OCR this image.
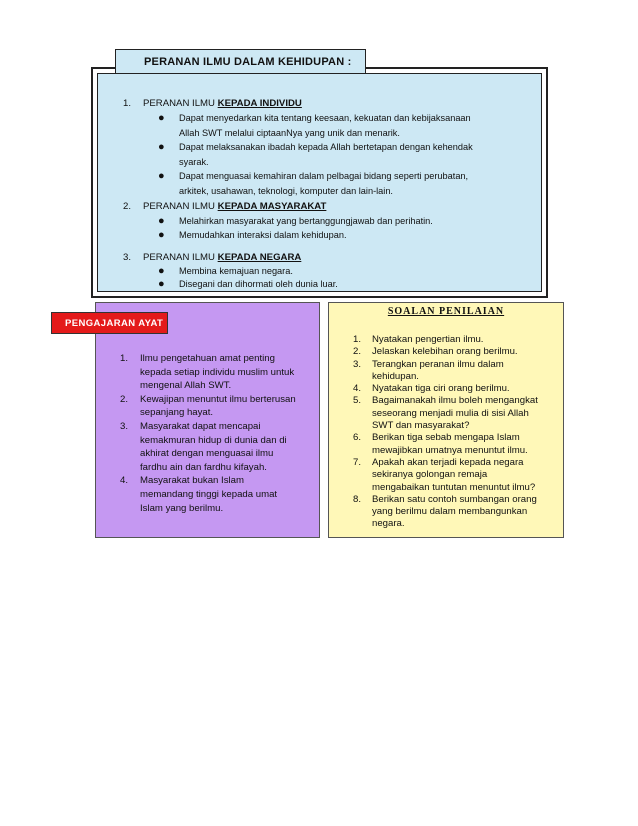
PERANAN ILMU DALAM KEHIDUPAN :
1. PERANAN ILMU KEPADA INDIVIDU
● Dapat menyedarkan kita tentang keesaan, kekuatan dan kebijaksanaan
Allah SWT melalui ciptaanNya yang unik dan menarik.
● Dapat melaksanakan ibadah kepada Allah bertetapan dengan kehendak
syarak.
● Dapat menguasai kemahiran dalam pelbagai bidang seperti perubatan,
arkitek, usahawan, teknologi, komputer dan lain-lain.
2. PERANAN ILMU KEPADA MASYARAKAT
● Melahirkan masyarakat yang bertanggungjawab dan perihatin.
● Memudahkan interaksi dalam kehidupan.
3. PERANAN ILMU KEPADA NEGARA
● Membina kemajuan negara.
● Disegani dan dihormati oleh dunia luar.
PENGAJARAN AYAT
1. Ilmu pengetahuan amat penting
kepada setiap individu muslim untuk
mengenal Allah SWT.
2. Kewajipan menuntut ilmu berterusan
sepanjang hayat.
3. Masyarakat dapat mencapai
kemakmuran hidup di dunia dan di
akhirat dengan menguasai ilmu
fardhu ain dan fardhu kifayah.
4. Masyarakat bukan Islam
memandang tinggi kepada umat
Islam yang berilmu.
SOALAN PENILAIAN
1. Nyatakan pengertian ilmu.
2. Jelaskan kelebihan orang berilmu.
3. Terangkan peranan ilmu dalam
kehidupan.
4. Nyatakan tiga ciri orang berilmu.
5. Bagaimanakah ilmu boleh mengangkat
seseorang menjadi mulia di sisi Allah
SWT dan masyarakat?
6. Berikan tiga sebab mengapa Islam
mewajibkan umatnya menuntut ilmu.
7. Apakah akan terjadi kepada negara
sekiranya golongan remaja
mengabaikan tuntutan menuntut ilmu?
8. Berikan satu contoh sumbangan orang
yang berilmu dalam membangunkan
negara.
